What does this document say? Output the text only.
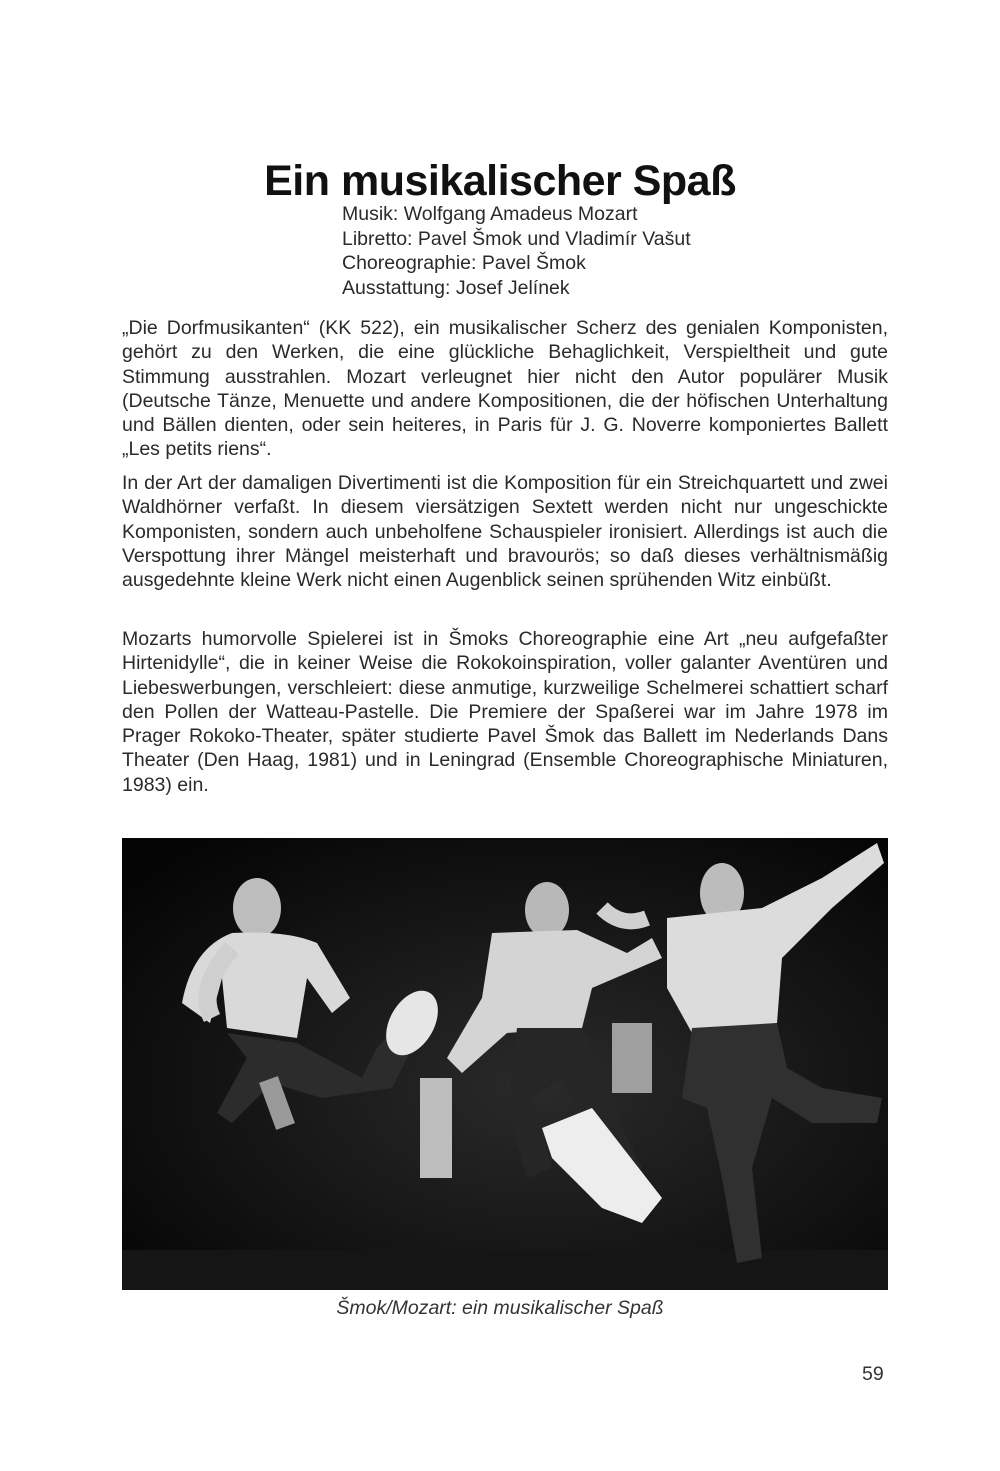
Ein musikalischer Spaß
Musik: Wolfgang Amadeus Mozart
Libretto: Pavel Šmok und Vladimír Vašut
Choreographie: Pavel Šmok
Ausstattung: Josef Jelínek

„Die Dorfmusikanten“ (KK 522), ein musikalischer Scherz des genialen Komponisten, gehört zu den Werken, die eine glückliche Behaglichkeit, Verspieltheit und gute Stimmung ausstrahlen. Mozart verleugnet hier nicht den Autor populärer Musik (Deutsche Tänze, Menuette und andere Kompositionen, die der höfischen Unterhaltung und Bällen dienten, oder sein heiteres, in Paris für J. G. Noverre komponiertes Ballett „Les petits riens“.

In der Art der damaligen Divertimenti ist die Komposition für ein Streichquartett und zwei Waldhörner verfaßt. In diesem viersätzigen Sextett werden nicht nur ungeschickte Komponisten, sondern auch unbeholfene Schauspieler ironisiert. Allerdings ist auch die Verspottung ihrer Mängel meisterhaft und bravourös; so daß dieses verhältnismäßig ausgedehnte kleine Werk nicht einen Augenblick seinen sprühenden Witz einbüßt.

Mozarts humorvolle Spielerei ist in Šmoks Choreographie eine Art „neu aufgefaßter Hirtenidylle“, die in keiner Weise die Rokokoinspiration, voller galanter Aventüren und Liebeswerbungen, verschleiert: diese anmutige, kurzweilige Schelmerei schattiert scharf den Pollen der Watteau-Pastelle. Die Premiere der Spaßerei war im Jahre 1978 im Prager Rokoko-Theater, später studierte Pavel Šmok das Ballett im Nederlands Dans Theater (Den Haag, 1981) und in Leningrad (Ensemble Choreographische Miniaturen, 1983) ein.

Šmok/Mozart: ein musikalischer Spaß
59
